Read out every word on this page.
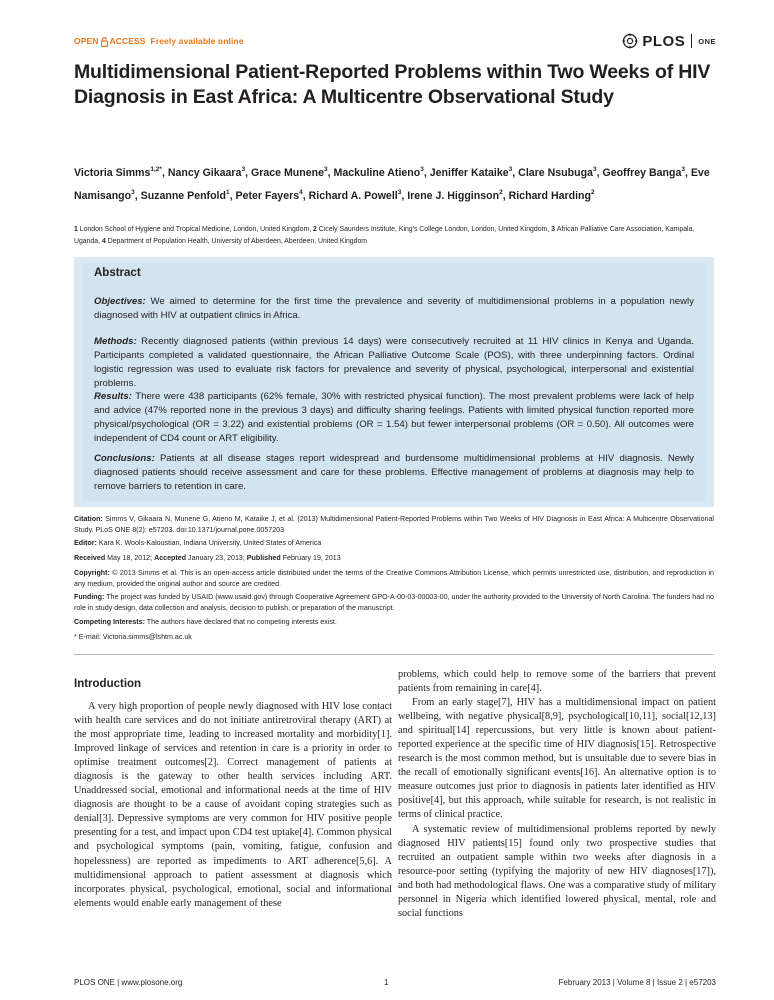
OPEN ACCESS Freely available online	PLOS ONE
Multidimensional Patient-Reported Problems within Two Weeks of HIV Diagnosis in East Africa: A Multicentre Observational Study
Victoria Simms$^{1,2*}$, Nancy Gikaara$^3$, Grace Munene$^3$, Mackuline Atieno$^3$, Jeniffer Kataike$^3$, Clare Nsubuga$^3$, Geoffrey Banga$^3$, Eve Namisango$^3$, Suzanne Penfold$^1$, Peter Fayers$^4$, Richard A. Powell$^3$, Irene J. Higginson$^2$, Richard Harding$^2$
1 London School of Hygiene and Tropical Medicine, London, United Kingdom, 2 Cicely Saunders Institute, King's College London, London, United Kingdom, 3 African Palliative Care Association, Kampala, Uganda, 4 Department of Population Health, University of Aberdeen, Aberdeen, United Kingdom
Abstract
Objectives: We aimed to determine for the first time the prevalence and severity of multidimensional problems in a population newly diagnosed with HIV at outpatient clinics in Africa.
Methods: Recently diagnosed patients (within previous 14 days) were consecutively recruited at 11 HIV clinics in Kenya and Uganda. Participants completed a validated questionnaire, the African Palliative Outcome Scale (POS), with three underpinning factors. Ordinal logistic regression was used to evaluate risk factors for prevalence and severity of physical, psychological, interpersonal and existential problems.
Results: There were 438 participants (62% female, 30% with restricted physical function). The most prevalent problems were lack of help and advice (47% reported none in the previous 3 days) and difficulty sharing feelings. Patients with limited physical function reported more physical/psychological (OR = 3.22) and existential problems (OR = 1.54) but fewer interpersonal problems (OR = 0.50). All outcomes were independent of CD4 count or ART eligibility.
Conclusions: Patients at all disease stages report widespread and burdensome multidimensional problems at HIV diagnosis. Newly diagnosed patients should receive assessment and care for these problems. Effective management of problems at diagnosis may help to remove barriers to retention in care.
Citation: Simms V, Gikaara N, Munene G, Atieno M, Kataike J, et al. (2013) Multidimensional Patient-Reported Problems within Two Weeks of HIV Diagnosis in East Africa: A Multicentre Observational Study. PLoS ONE 8(2): e57203. doi:10.1371/journal.pone.0057203
Editor: Kara K. Wools-Kaloustian, Indiana University, United States of America
Received May 18, 2012; Accepted January 23, 2013; Published February 19, 2013
Copyright: © 2013 Simms et al. This is an open-access article distributed under the terms of the Creative Commons Attribution License, which permits unrestricted use, distribution, and reproduction in any medium, provided the original author and source are credited.
Funding: The project was funded by USAID (www.usaid.gov) through Cooperative Agreement GPO-A-00-03-00003-00, under the authority provided to the University of North Carolina. The funders had no role in study design, data collection and analysis, decision to publish, or preparation of the manuscript.
Competing Interests: The authors have declared that no competing interests exist.
* E-mail: Victoria.simms@lshtm.ac.uk
Introduction

A very high proportion of people newly diagnosed with HIV lose contact with health care services and do not initiate antiretroviral therapy (ART) at the most appropriate time, leading to increased mortality and morbidity[1]. Improved linkage of services and retention in care is a priority in order to optimise treatment outcomes[2]. Correct management of patients at diagnosis is the gateway to other health services including ART. Unaddressed social, emotional and informational needs at the time of HIV diagnosis are thought to be a cause of avoidant coping strategies such as denial[3]. Depressive symptoms are very common for HIV positive people presenting for a test, and impact upon CD4 test uptake[4]. Common physical and psychological symptoms (pain, vomiting, fatigue, confusion and hopelessness) are reported as impediments to ART adherence[5,6]. A multidimensional approach to patient assessment at diagnosis which incorporates physical, psychological, emotional, social and informational elements would enable early management of these

problems, which could help to remove some of the barriers that prevent patients from remaining in care[4].

From an early stage[7], HIV has a multidimensional impact on patient wellbeing, with negative physical[8,9], psychological[10,11], social[12,13] and spiritual[14] repercussions, but very little is known about patient-reported experience at the specific time of HIV diagnosis[15]. Retrospective research is the most common method, but is unsuitable due to severe bias in the recall of emotionally significant events[16]. An alternative option is to measure outcomes just prior to diagnosis in patients later identified as HIV positive[4], but this approach, while suitable for research, is not realistic in terms of clinical practice.

A systematic review of multidimensional problems reported by newly diagnosed HIV patients[15] found only two prospective studies that recruited an outpatient sample within two weeks after diagnosis in a resource-poor setting (typifying the majority of new HIV diagnoses[17]), and both had methodological flaws. One was a comparative study of military personnel in Nigeria which identified lowered physical, mental, role and social functions

PLOS ONE | www.plosone.org	1	February 2013 | Volume 8 | Issue 2 | e57203
